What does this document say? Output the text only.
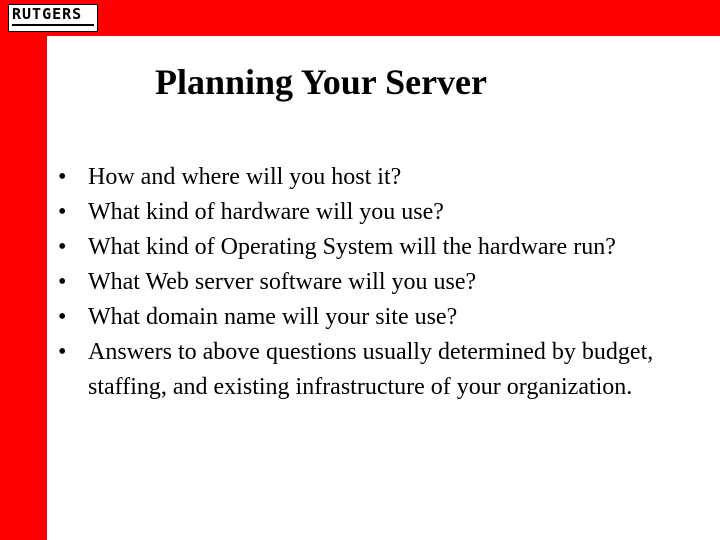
RUTGERS
Planning Your Server
• How and where will you host it?
• What kind of hardware will you use?
• What kind of Operating System will the hardware run?
• What Web server software will you use?
• What domain name will your site use?
• Answers to above questions usually determined by budget, staffing, and existing infrastructure of your organization.
